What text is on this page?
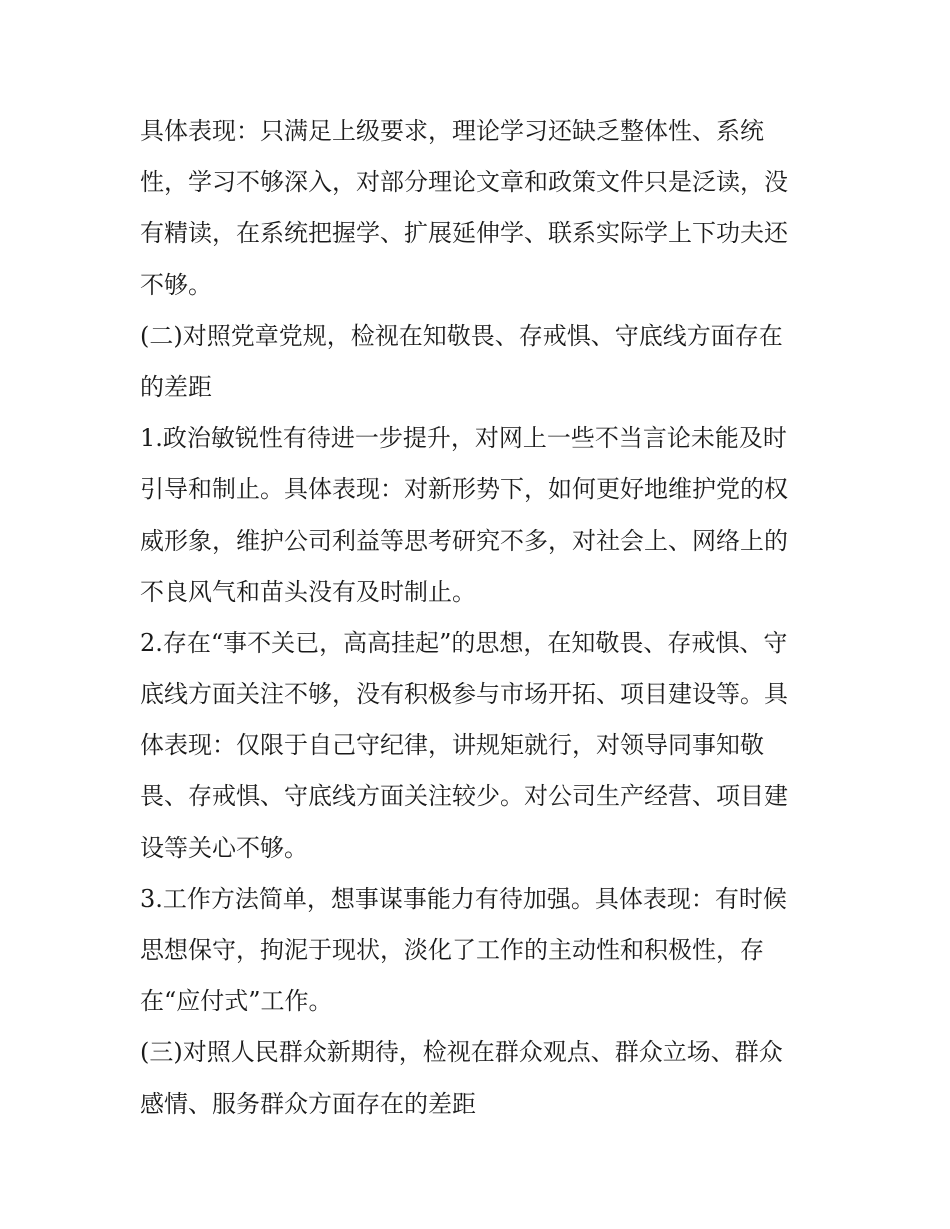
具体表现：只满足上级要求，理论学习还缺乏整体性、系统
性，学习不够深入，对部分理论文章和政策文件只是泛读，没
有精读，在系统把握学、扩展延伸学、联系实际学上下功夫还
不够。

(二)对照党章党规，检视在知敬畏、存戒惧、守底线方面存在
的差距

1.政治敏锐性有待进一步提升，对网上一些不当言论未能及时
引导和制止。具体表现：对新形势下，如何更好地维护党的权
威形象，维护公司利益等思考研究不多，对社会上、网络上的
不良风气和苗头没有及时制止。

2.存在“事不关已，高高挂起”的思想，在知敬畏、存戒惧、守
底线方面关注不够，没有积极参与市场开拓、项目建设等。具
体表现：仅限于自己守纪律，讲规矩就行，对领导同事知敬
畏、存戒惧、守底线方面关注较少。对公司生产经营、项目建
设等关心不够。

3.工作方法简单，想事谋事能力有待加强。具体表现：有时候
思想保守，拘泥于现状，淡化了工作的主动性和积极性，存
在“应付式”工作。

(三)对照人民群众新期待，检视在群众观点、群众立场、群众
感情、服务群众方面存在的差距
